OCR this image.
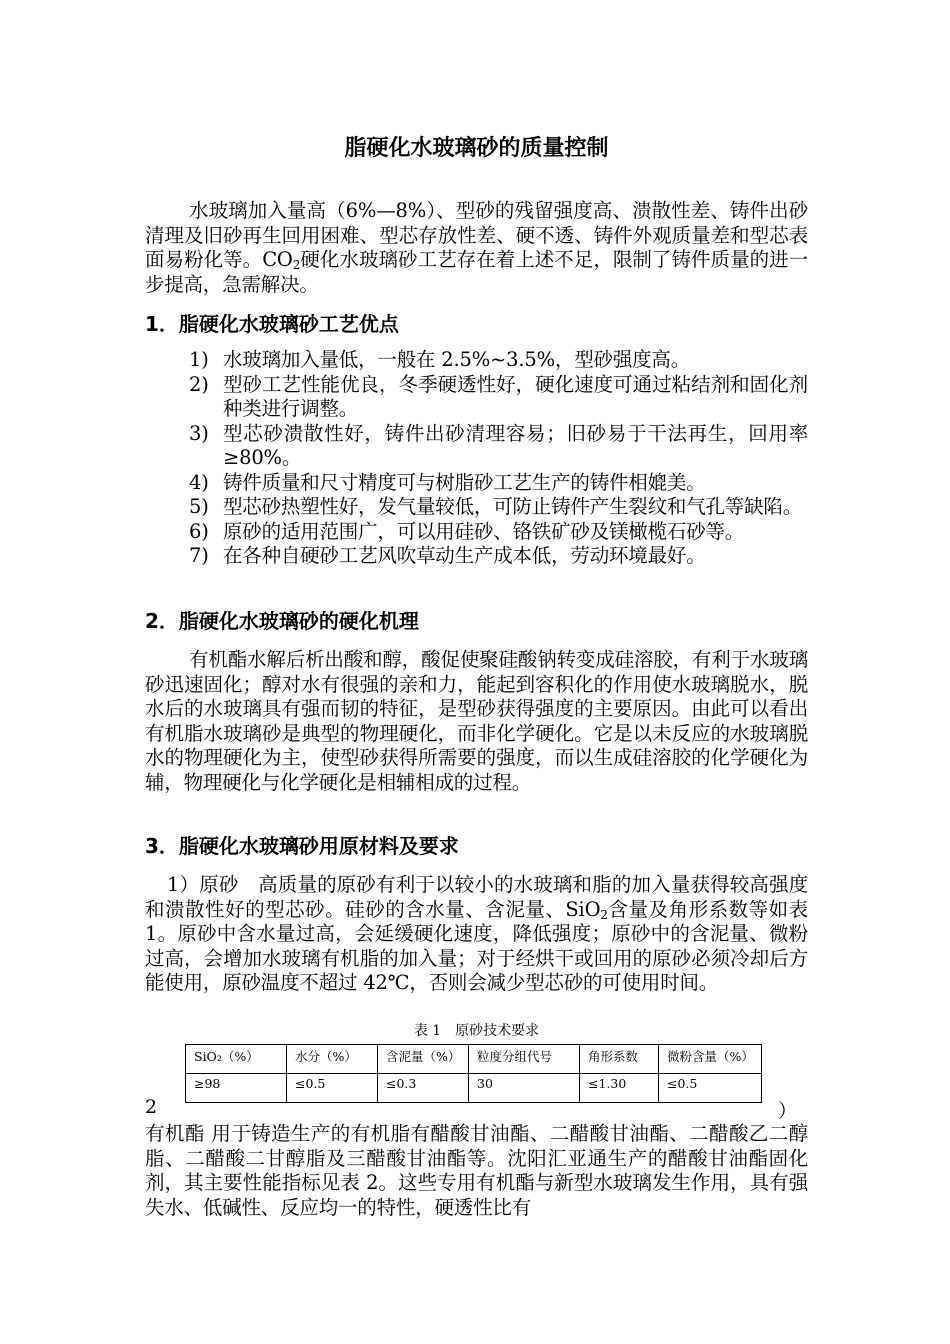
脂硬化水玻璃砂的质量控制

水玻璃加入量高（6%—8%）、型砂的残留强度高、溃散性差、铸件出砂清理及旧砂再生回用困难、型芯存放性差、硬不透、铸件外观质量差和型芯表面易粉化等。$CO_2$硬化水玻璃砂工艺存在着上述不足，限制了铸件质量的进一步提高，急需解决。

1．脂硬化水玻璃砂工艺优点
1) 水玻璃加入量低，一般在 2.5%~3.5%，型砂强度高。
2) 型砂工艺性能优良，冬季硬透性好，硬化速度可通过粘结剂和固化剂种类进行调整。
3) 型芯砂溃散性好，铸件出砂清理容易；旧砂易于干法再生，回用率≥80%。
4) 铸件质量和尺寸精度可与树脂砂工艺生产的铸件相媲美。
5) 型芯砂热塑性好，发气量较低，可防止铸件产生裂纹和气孔等缺陷。
6) 原砂的适用范围广，可以用硅砂、铬铁矿砂及镁橄榄石砂等。
7) 在各种自硬砂工艺风吹草动生产成本低，劳动环境最好。
2．脂硬化水玻璃砂的硬化机理

有机酯水解后析出酸和醇，酸促使聚硅酸钠转变成硅溶胶，有利于水玻璃砂迅速固化；醇对水有很强的亲和力，能起到容积化的作用使水玻璃脱水，脱水后的水玻璃具有强而韧的特征，是型砂获得强度的主要原因。由此可以看出有机脂水玻璃砂是典型的物理硬化，而非化学硬化。它是以未反应的水玻璃脱水的物理硬化为主，使型砂获得所需要的强度，而以生成硅溶胶的化学硬化为辅，物理硬化与化学硬化是相辅相成的过程。

3．脂硬化水玻璃砂用原材料及要求

1）原砂　高质量的原砂有利于以较小的水玻璃和脂的加入量获得较高强度和溃散性好的型芯砂。硅砂的含水量、含泥量、SiO$_2$含量及角形系数等如表 1。原砂中含水量过高，会延缓硬化速度，降低强度；原砂中的含泥量、微粉过高，会增加水玻璃有机脂的加入量；对于经烘干或回用的原砂必须冷却后方能使用，原砂温度不超过 42℃，否则会减少型芯砂的可使用时间。

表 1　原砂技术要求
SiO₂（%）	水分（%）	含泥量（%）	粒度分组代号	角形系数	微粉含量（%）
≥98	≤0.5	≤0.3	30	≤1.30	≤0.5
2	）

有机酯 用于铸造生产的有机脂有醋酸甘油酯、二醋酸甘油酯、二醋酸乙二醇脂、二醋酸二甘醇脂及三醋酸甘油酯等。沈阳汇亚通生产的醋酸甘油酯固化剂，其主要性能指标见表 2。这些专用有机酯与新型水玻璃发生作用，具有强失水、低碱性、反应均一的特性，硬透性比有
